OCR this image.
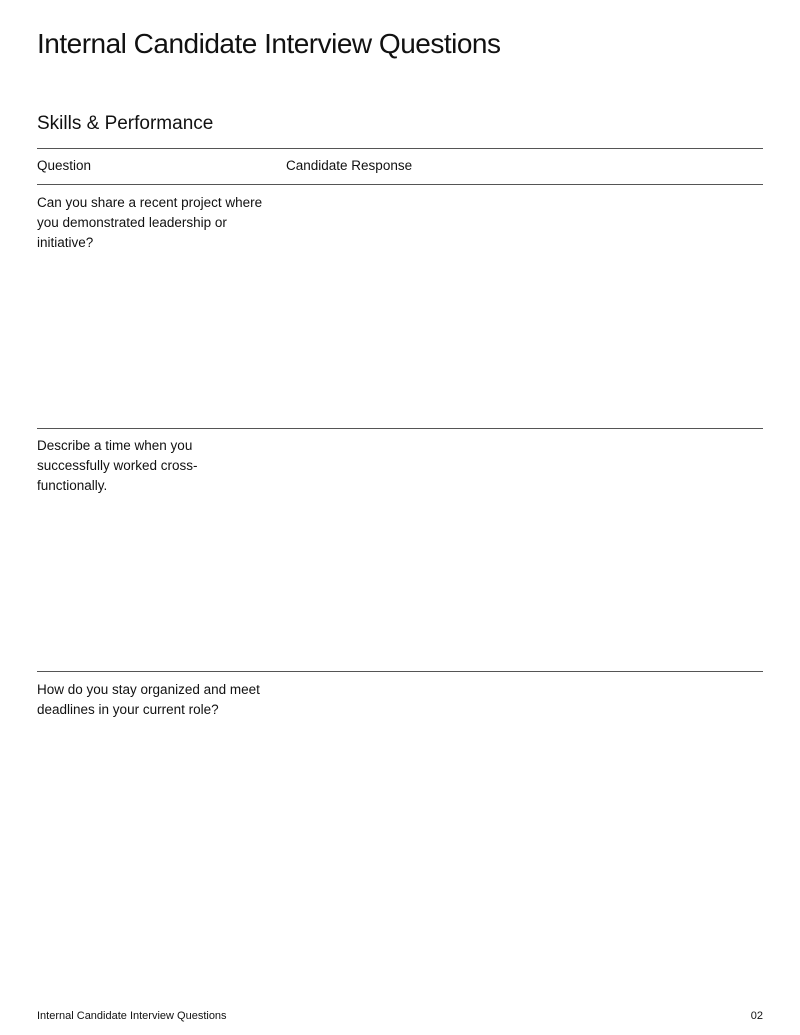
Internal Candidate Interview Questions
Skills & Performance
Question	Candidate Response
Can you share a recent project where you demonstrated leadership or initiative?
Describe a time when you successfully worked cross-functionally.
How do you stay organized and meet deadlines in your current role?
Internal Candidate Interview Questions	02
